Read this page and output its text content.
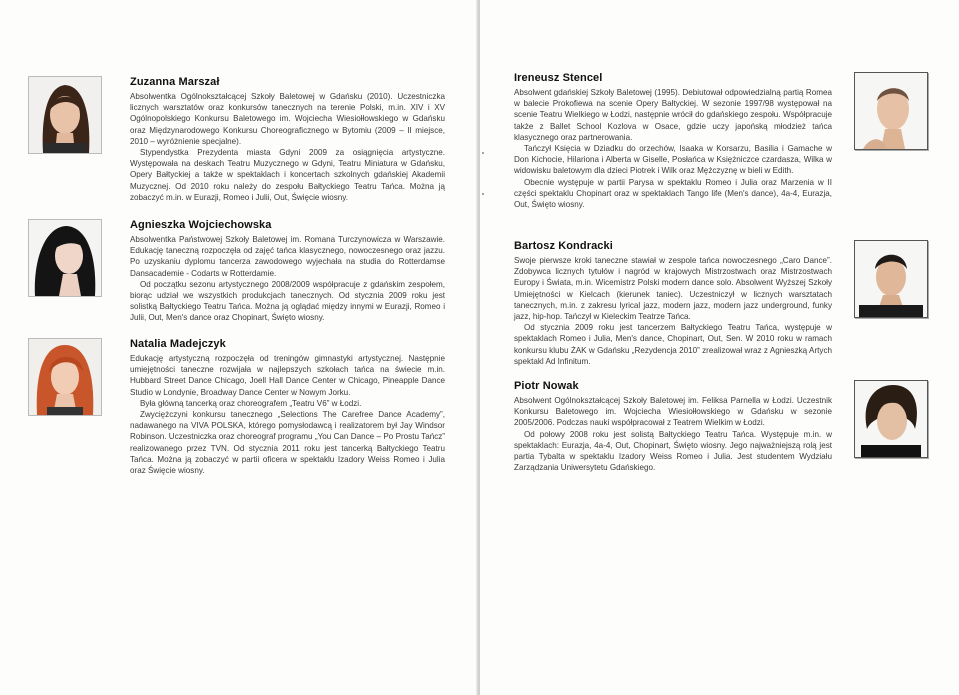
Zuzanna Marszał

Absolwentka Ogólnokształcącej Szkoły Baletowej w Gdańsku (2010). Uczestniczka licznych warsztatów oraz konkursów tanecznych na terenie Polski, m.in. XIV i XV Ogólnopolskiego Konkursu Baletowego im. Wojciecha Wiesiołłowskiego w Gdańsku oraz Międzynarodowego Konkursu Choreograficznego w Bytomiu (2009 – II miejsce, 2010 – wyróżnienie specjalne).

Stypendystka Prezydenta miasta Gdyni 2009 za osiągnięcia artystyczne. Występowała na deskach Teatru Muzycznego w Gdyni, Teatru Miniatura w Gdańsku, Opery Bałtyckiej a także w spektaklach i koncertach szkolnych gdańskiej Akademii Muzycznej. Od 2010 roku należy do zespołu Bałtyckiego Teatru Tańca. Można ją zobaczyć m.in. w Eurazji, Romeo i Julii, Out, Święcie wiosny.

Agnieszka Wojciechowska

Absolwentka Państwowej Szkoły Baletowej im. Romana Turczynowicza w Warszawie. Edukację taneczną rozpoczęła od zajęć tańca klasycznego, nowoczesnego oraz jazzu. Po uzyskaniu dyplomu tancerza zawodowego wyjechała na studia do Rotterdamse Dansacademie - Codarts w Rotterdamie.

Od początku sezonu artystycznego 2008/2009 współpracuje z gdańskim zespołem, biorąc udział we wszystkich produkcjach tanecznych. Od stycznia 2009 roku jest solistką Bałtyckiego Teatru Tańca. Można ją oglądać między innymi w Eurazji, Romeo i Julii, Out, Men's dance oraz Chopinart, Święto wiosny.

Natalia Madejczyk

Edukację artystyczną rozpoczęła od treningów gimnastyki artystycznej. Następnie umiejętności taneczne rozwijała w najlepszych szkołach tańca na świecie m.in. Hubbard Street Dance Chicago, Joell Hall Dance Center w Chicago, Pineapple Dance Studio w Londynie, Broadway Dance Center w Nowym Jorku.

Była główną tancerką oraz choreografem „Teatru V6” w Łodzi.

Zwyciężczyni konkursu tanecznego „Selections The Carefree Dance Academy”, nadawanego na VIVA POLSKA, którego pomysłodawcą i realizatorem był Jay Windsor Robinson. Uczestniczka oraz choreograf programu „You Can Dance – Po Prostu Tańcz” realizowanego przez TVN. Od stycznia 2011 roku jest tancerką Bałtyckiego Teatru Tańca. Można ją zobaczyć w partii oficera w spektaklu Izadory Weiss Romeo i Julia oraz Święcie wiosny.

Ireneusz Stencel

Absolwent gdańskiej Szkoły Baletowej (1995). Debiutował odpowiedzialną partią Romea w balecie Prokofiewa na scenie Opery Bałtyckiej. W sezonie 1997/98 występował na scenie Teatru Wielkiego w Łodzi, następnie wrócił do gdańskiego zespołu. Współpracuje także z Ballet School Kozlova w Osace, gdzie uczy japońską młodzież tańca klasycznego oraz partnerowania.

Tańczył Księcia w Dziadku do orzechów, Isaaka w Korsarzu, Basilia i Gamache w Don Kichocie, Hilariona i Alberta w Giselle, Posłańca w Księżniczce czardasza, Wilka w widowisku baletowym dla dzieci Piotrek i Wilk oraz Mężczyznę w bieli w Edith.

Obecnie występuje w partii Parysa w spektaklu Romeo i Julia oraz Marzenia w II części spektaklu Chopinart oraz w spektaklach Tango life (Men's dance), 4a-4, Eurazja, Out, Święto wiosny.

Bartosz Kondracki

Swoje pierwsze kroki taneczne stawiał w zespole tańca nowoczesnego „Caro Dance”. Zdobywca licznych tytułów i nagród w krajowych Mistrzostwach oraz Mistrzostwach Europy i Świata, m.in. Wicemistrz Polski modern dance solo. Absolwent Wyższej Szkoły Umiejętności w Kielcach (kierunek taniec). Uczestniczył w licznych warsztatach tanecznych, m.in. z zakresu lyrical jazz, modern jazz, modern jazz underground, funky jazz, hip-hop. Tańczył w Kieleckim Teatrze Tańca.

Od stycznia 2009 roku jest tancerzem Bałtyckiego Teatru Tańca, występuje w spektaklach Romeo i Julia, Men's dance, Chopinart, Out, Sen. W 2010 roku w ramach konkursu klubu ŻAK w Gdańsku „Rezydencja 2010” zrealizował wraz z Agnieszką Artych spektakl Ad Infinitum.

Piotr Nowak

Absolwent Ogólnokształcącej Szkoły Baletowej im. Feliksa Parnella w Łodzi. Uczestnik Konkursu Baletowego im. Wojciecha Wiesiołłowskiego w Gdańsku w sezonie 2005/2006. Podczas nauki współpracował z Teatrem Wielkim w Łodzi.

Od połowy 2008 roku jest solistą Bałtyckiego Teatru Tańca. Występuje m.in. w spektaklach: Eurazja, 4a-4, Out, Chopinart, Święto wiosny. Jego najważniejszą rolą jest partia Tybalta w spektaklu Izadory Weiss Romeo i Julia. Jest studentem Wydziału Zarządzania Uniwersytetu Gdańskiego.
